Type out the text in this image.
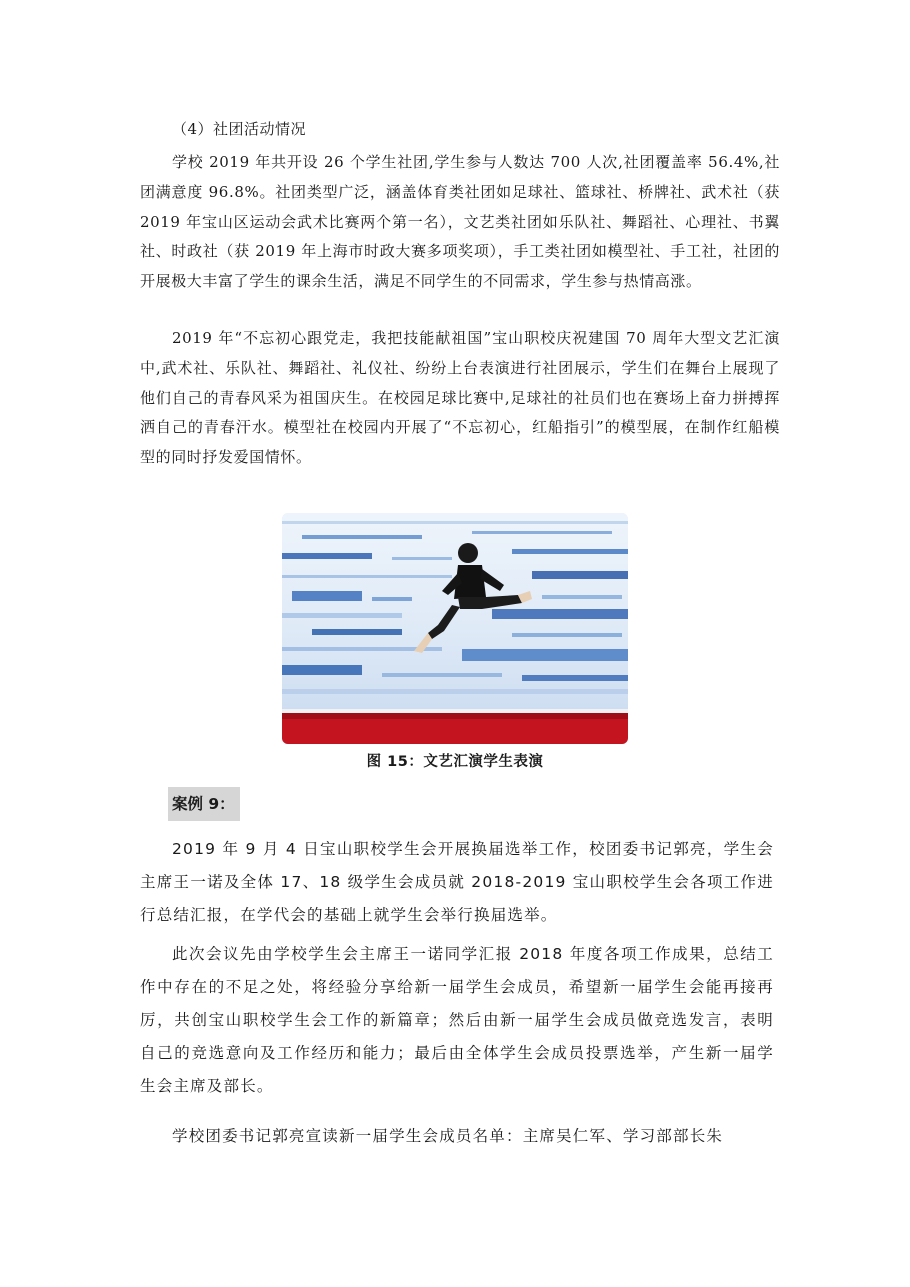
（4）社团活动情况
学校 2019 年共开设 26 个学生社团,学生参与人数达 700 人次,社团覆盖率 56.4%,社团满意度 96.8%。社团类型广泛，涵盖体育类社团如足球社、篮球社、桥牌社、武术社（获 2019 年宝山区运动会武术比赛两个第一名），文艺类社团如乐队社、舞蹈社、心理社、书翼社、时政社（获 2019 年上海市时政大赛多项奖项），手工类社团如模型社、手工社，社团的开展极大丰富了学生的课余生活，满足不同学生的不同需求，学生参与热情高涨。
2019 年“不忘初心跟党走，我把技能献祖国”宝山职校庆祝建国 70 周年大型文艺汇演中,武术社、乐队社、舞蹈社、礼仪社、纷纷上台表演进行社团展示，学生们在舞台上展现了他们自己的青春风采为祖国庆生。在校园足球比赛中,足球社的社员们也在赛场上奋力拼搏挥洒自己的青春汗水。模型社在校园内开展了“不忘初心，红船指引”的模型展，在制作红船模型的同时抒发爱国情怀。
图 15：文艺汇演学生表演
案例 9：
2019 年 9 月 4 日宝山职校学生会开展换届选举工作，校团委书记郭亮，学生会主席王一诺及全体 17、18 级学生会成员就 2018-2019 宝山职校学生会各项工作进行总结汇报，在学代会的基础上就学生会举行换届选举。
此次会议先由学校学生会主席王一诺同学汇报 2018 年度各项工作成果，总结工作中存在的不足之处，将经验分享给新一届学生会成员，希望新一届学生会能再接再厉，共创宝山职校学生会工作的新篇章；然后由新一届学生会成员做竞选发言，表明自己的竞选意向及工作经历和能力；最后由全体学生会成员投票选举，产生新一届学生会主席及部长。
学校团委书记郭亮宣读新一届学生会成员名单：主席吴仁军、学习部部长朱
